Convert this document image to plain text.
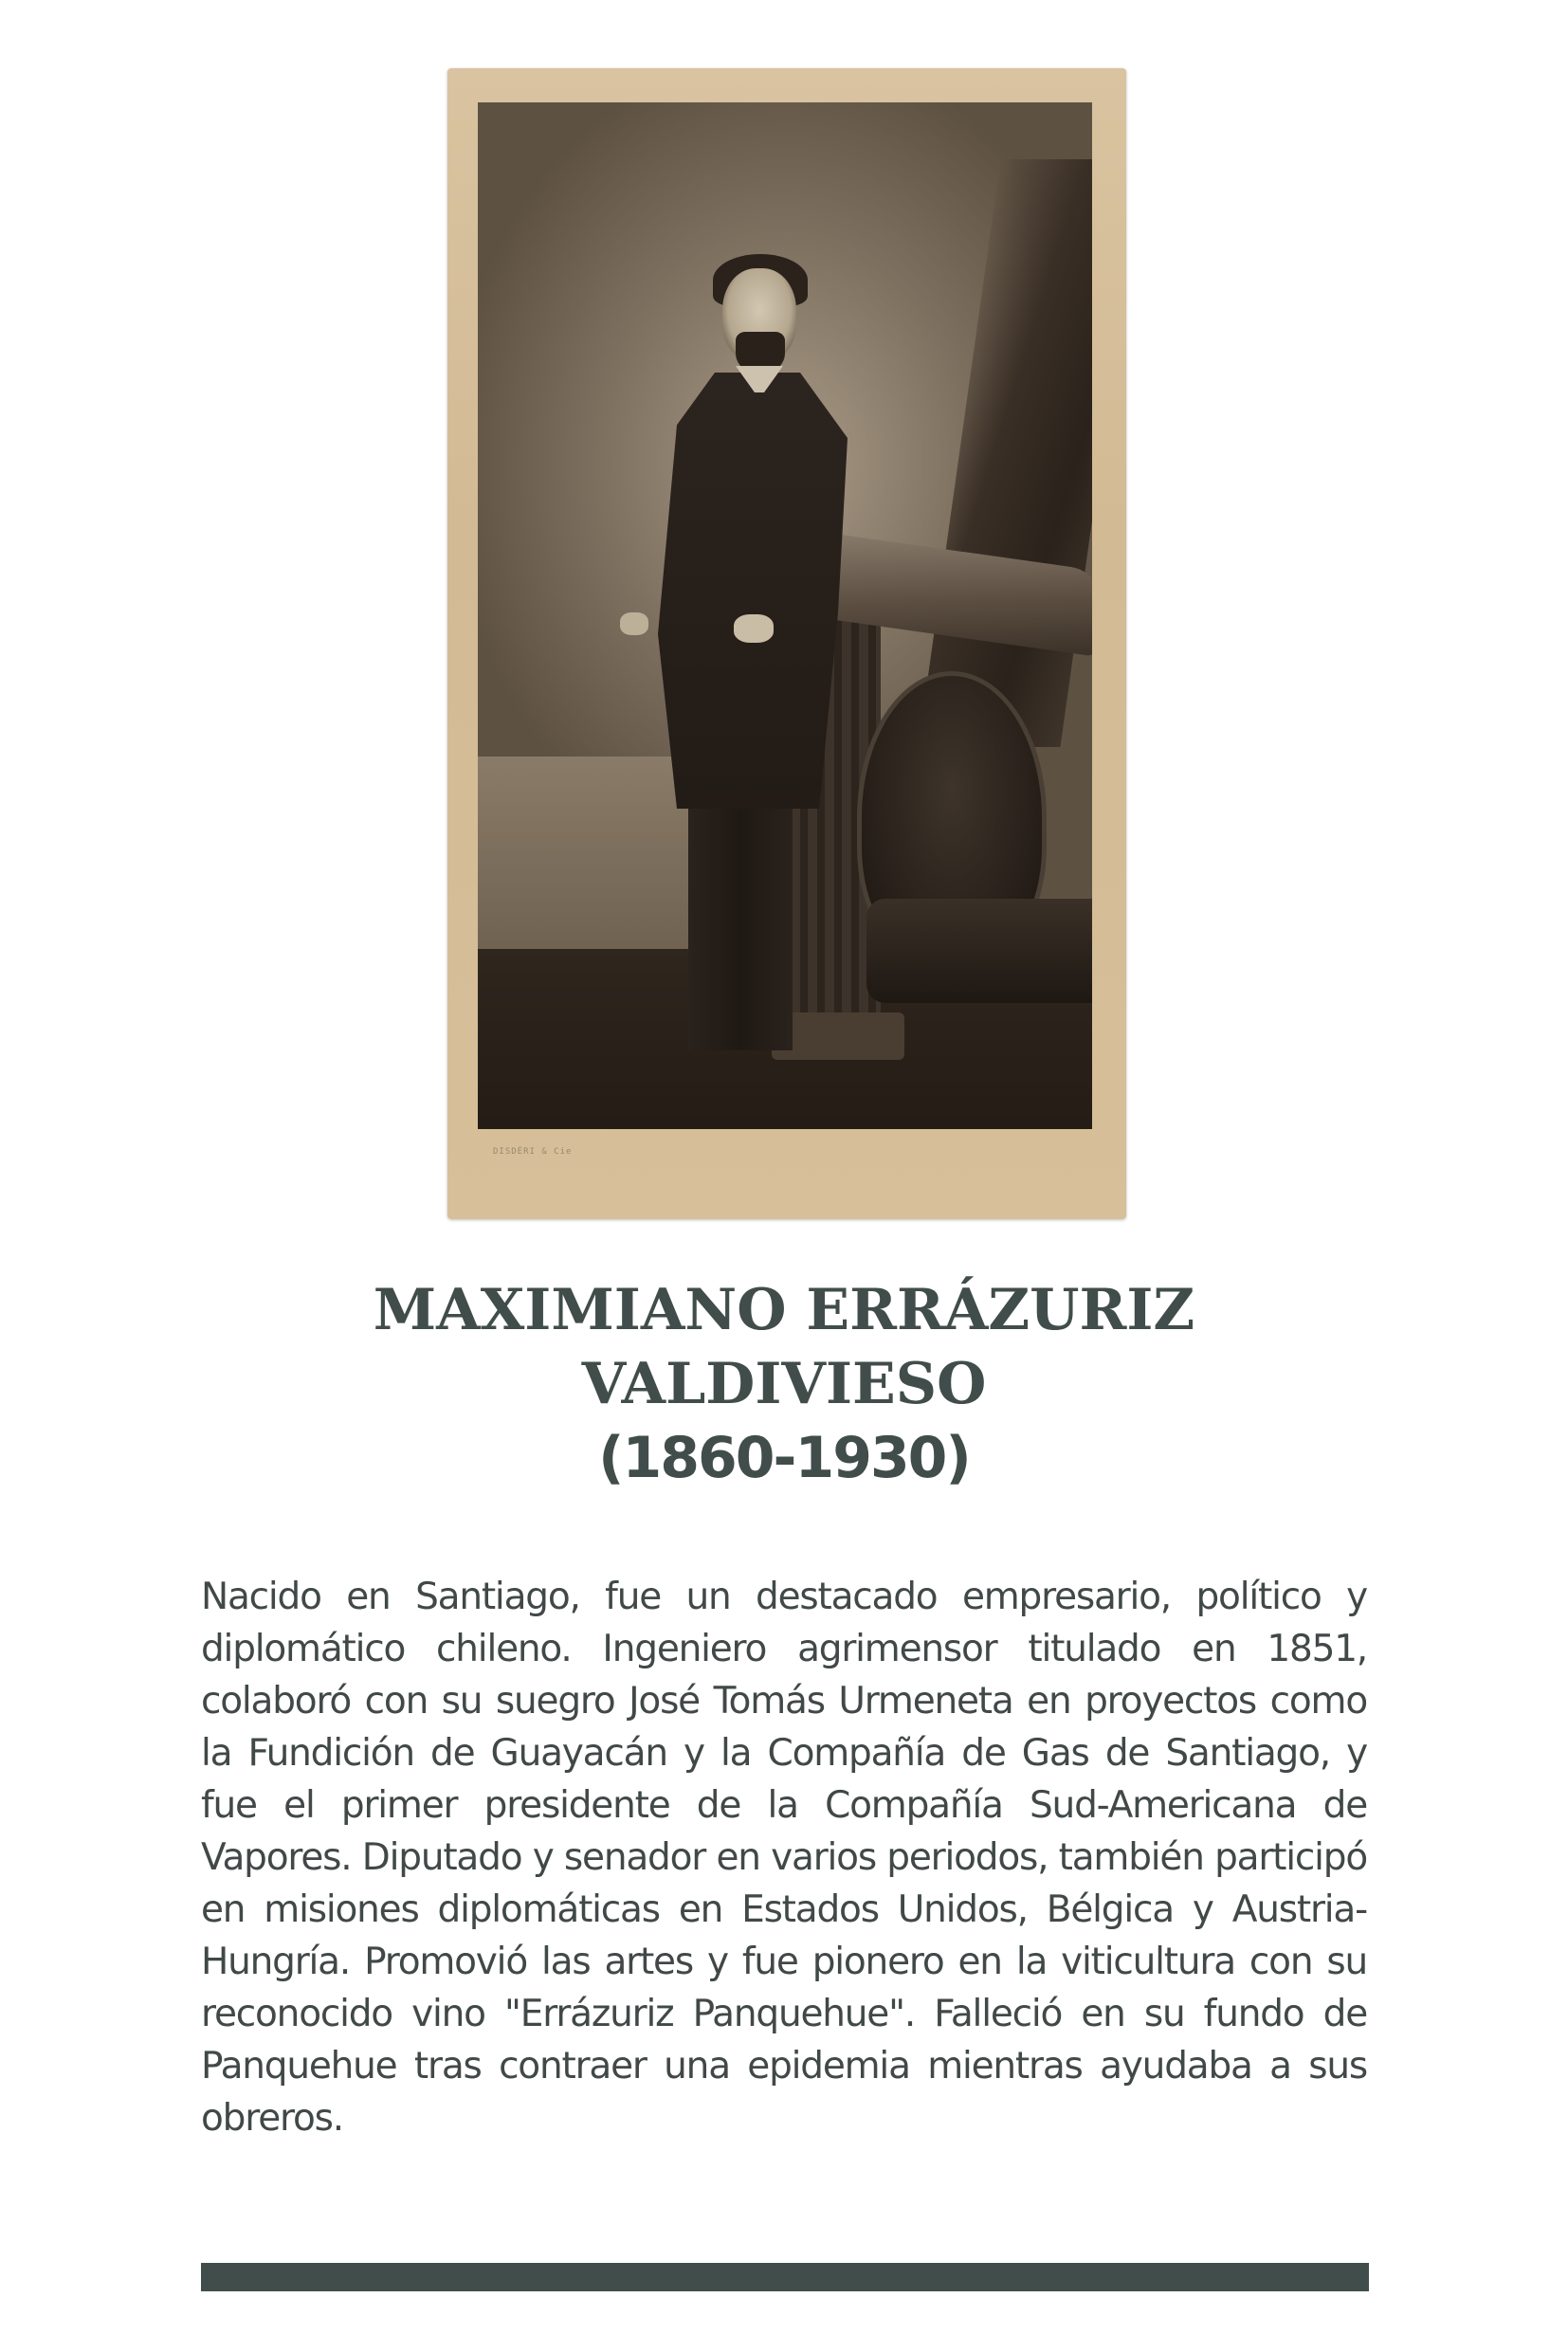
DISDÉRI & Cie
MAXIMIANO ERRÁZURIZ
VALDIVIESO
(1860-1930)

Nacido en Santiago, fue un destacado empresario, político y diplomático chileno. Ingeniero agrimensor titulado en 1851, colaboró con su suegro José Tomás Urmeneta en proyectos como la Fundición de Guayacán y la Compañía de Gas de Santiago, y fue el primer presidente de la Compañía Sud-Americana de Vapores. Diputado y senador en varios periodos, también participó en misiones diplomáticas en Estados Unidos, Bélgica y Austria-Hungría. Promovió las artes y fue pionero en la viticultura con su reconocido vino "Errázuriz Panquehue". Falleció en su fundo de Panquehue tras contraer una epidemia mientras ayudaba a sus obreros.
